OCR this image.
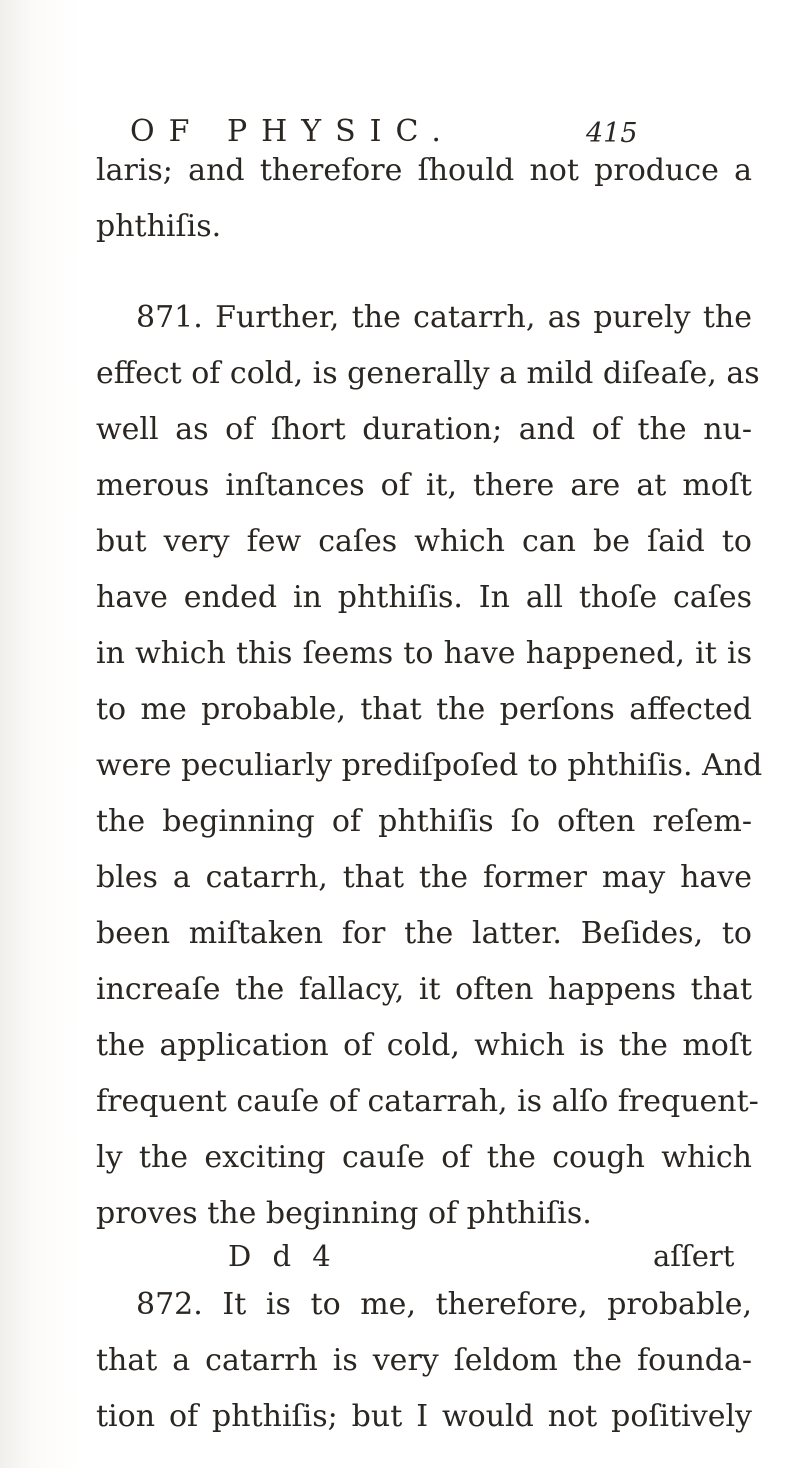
OF PHYSIC.	415
laris; and therefore ſhould not produce a
phthiſis.
871. Further, the catarrh, as purely the
effect of cold, is generally a mild diſeaſe, as
well as of ſhort duration; and of the nu-
merous inſtances of it, there are at moſt
but very few caſes which can be ſaid to
have ended in phthiſis. In all thoſe caſes
in which this ſeems to have happened, it is
to me probable, that the perſons affected
were peculiarly prediſpoſed to phthiſis. And
the beginning of phthiſis ſo often reſem-
bles a catarrh, that the former may have
been miſtaken for the latter. Beſides, to
increaſe the fallacy, it often happens that
the application of cold, which is the moſt
frequent cauſe of catarrah, is alſo frequent-
ly the exciting cauſe of the cough which
proves the beginning of phthiſis.
872. It is to me, therefore, probable,
that a catarrh is very ſeldom the founda-
tion of phthiſis; but I would not poſitively
D d 4	aſſert
